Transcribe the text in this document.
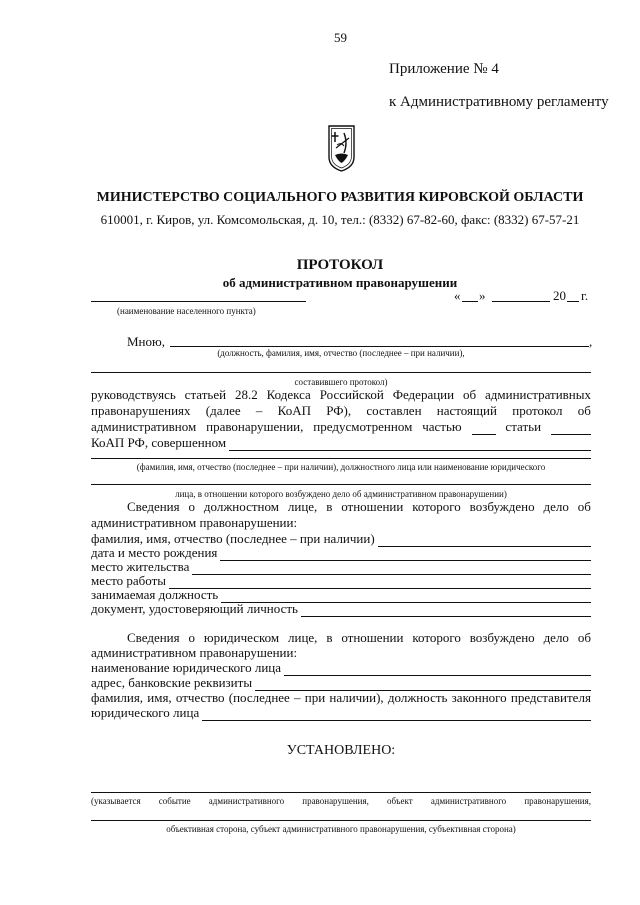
59
Приложение № 4
к Административному регламенту
МИНИСТЕРСТВО СОЦИАЛЬНОГО РАЗВИТИЯ КИРОВСКОЙ ОБЛАСТИ
610001, г. Киров, ул. Комсомольская, д. 10, тел.: (8332) 67-82-60, факс: (8332) 67-57-21
ПРОТОКОЛ
об административном правонарушении
(наименование населенного пункта)
« »	20 г.
Мною,	,
(должность, фамилия, имя, отчество (последнее – при наличии),
составившего протокол)
руководствуясь статьей 28.2 Кодекса Российской Федерации об административных
правонарушениях (далее – КоАП РФ), составлен настоящий протокол об
административном правонарушении, предусмотренном частью	статьи
КоАП РФ, совершенном
(фамилия, имя, отчество (последнее – при наличии), должностного лица или наименование юридического
лица, в отношении которого возбуждено дело об административном правонарушении)
Сведения о должностном лице, в отношении которого возбуждено дело об
административном правонарушении:
фамилия, имя, отчество (последнее – при наличии)
дата и место рождения
место жительства
место работы
занимаемая должность
документ, удостоверяющий личность
Сведения о юридическом лице, в отношении которого возбуждено дело об
административном правонарушении:
наименование юридического лица
адрес, банковские реквизиты
фамилия, имя, отчество (последнее – при наличии), должность законного представителя
юридического лица
УСТАНОВЛЕНО:
(указывается событие административного правонарушения, объект административного правонарушения,
объективная сторона, субъект административного правонарушения, субъективная сторона)
